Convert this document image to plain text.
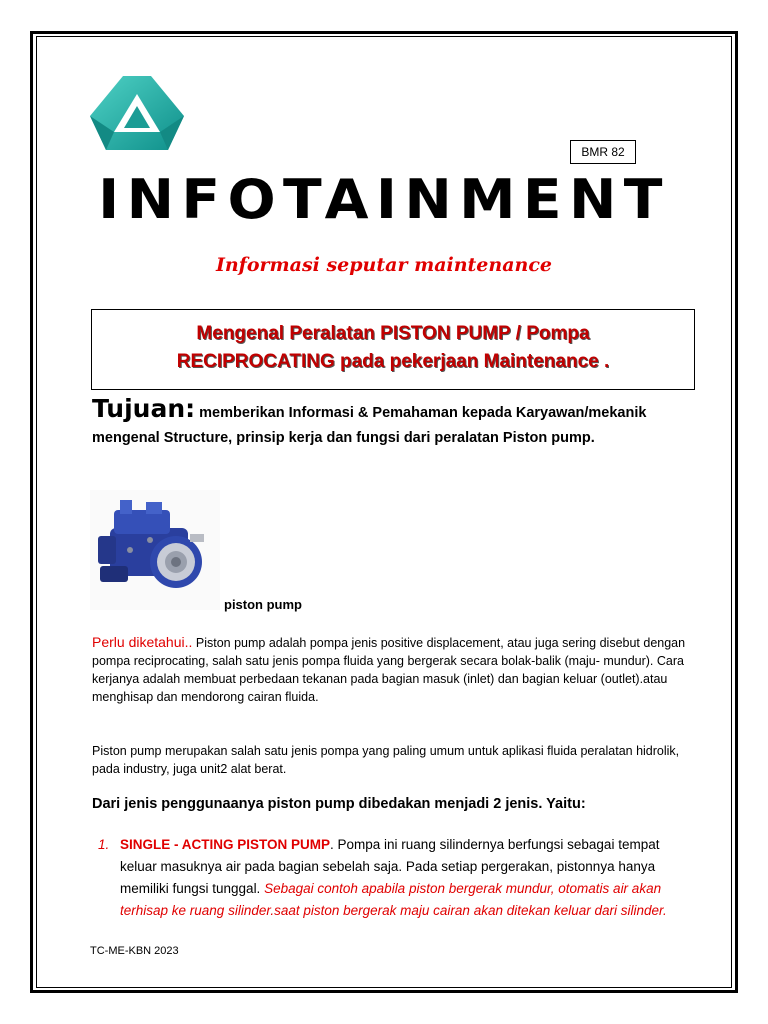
BMR 82
INFOTAINMENT
Informasi seputar maintenance
Mengenal Peralatan PISTON PUMP / Pompa
RECIPROCATING pada pekerjaan Maintenance .
Tujuan: memberikan Informasi & Pemahaman kepada Karyawan/mekanik mengenal Structure, prinsip kerja dan fungsi dari peralatan Piston pump.
piston pump
Perlu diketahui.. Piston pump adalah pompa jenis positive displacement, atau juga sering disebut dengan pompa reciprocating, salah satu jenis pompa fluida yang bergerak secara bolak-balik (maju- mundur). Cara kerjanya adalah membuat perbedaan tekanan pada bagian masuk (inlet) dan bagian keluar (outlet).atau menghisap dan mendorong cairan fluida.
Piston pump merupakan salah satu jenis pompa yang paling umum untuk aplikasi fluida peralatan hidrolik, pada industry, juga unit2 alat berat.
Dari jenis penggunaanya piston pump dibedakan menjadi 2 jenis. Yaitu:
1. SINGLE - ACTING PISTON PUMP. Pompa ini ruang silindernya berfungsi sebagai tempat keluar masuknya air pada bagian sebelah saja. Pada setiap pergerakan, pistonnya hanya memiliki fungsi tunggal. Sebagai contoh apabila piston bergerak mundur, otomatis air akan terhisap ke ruang silinder.saat piston bergerak maju cairan akan ditekan keluar dari silinder.
TC-ME-KBN 2023
